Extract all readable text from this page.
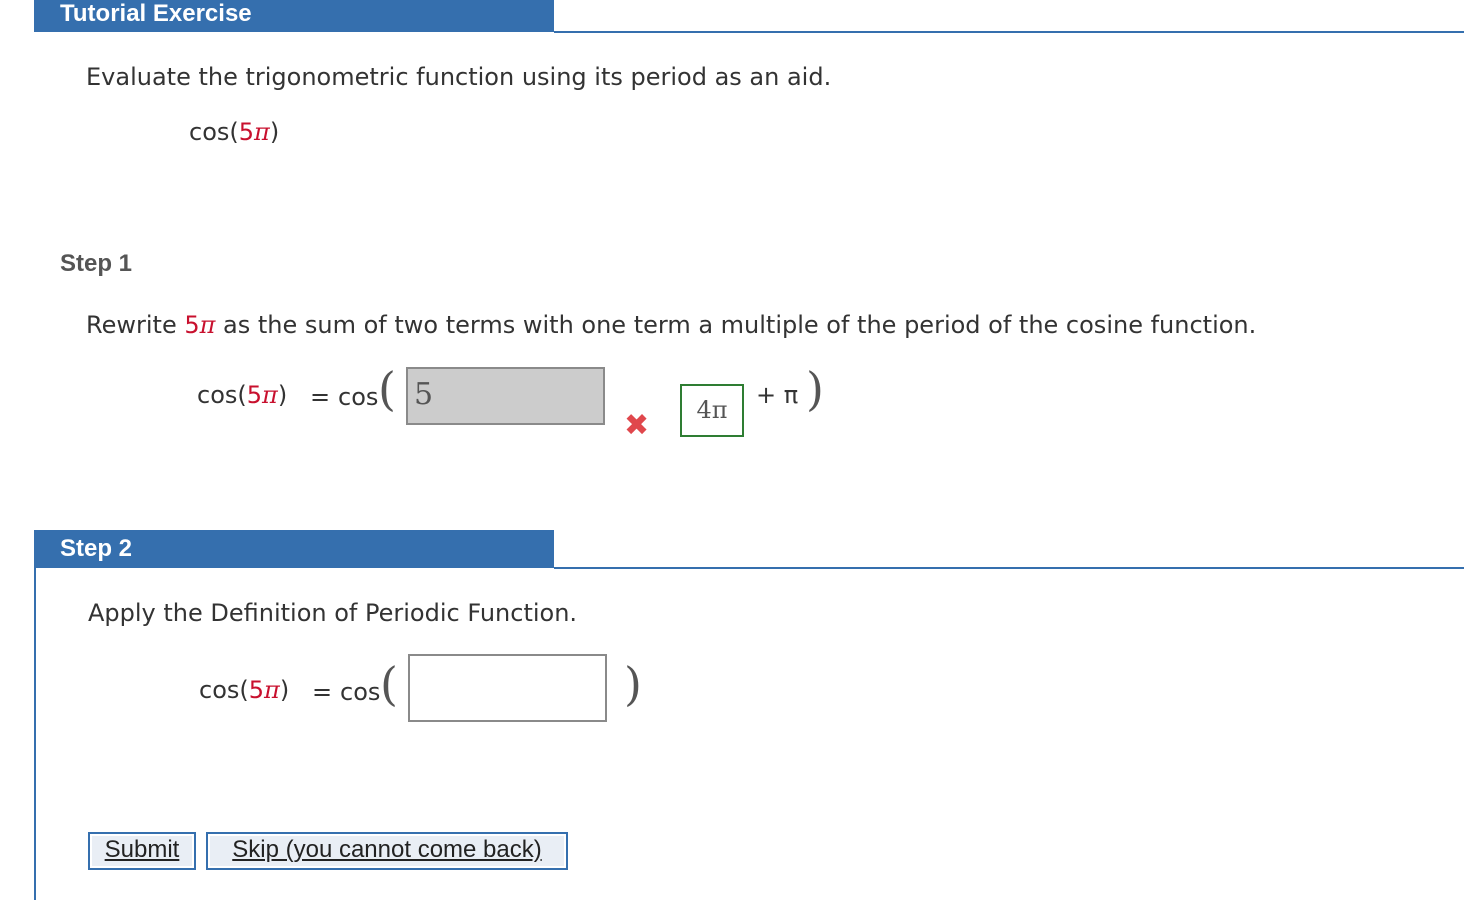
Tutorial Exercise
Evaluate the trigonometric function using its period as an aid.
cos(5π)
Step 1
Rewrite 5π as the sum of two terms with one term a multiple of the period of the cosine function.
cos(5π) = cos ( 5
✖	4π
+ π )
Step 2
Apply the Definition of Periodic Function.
cos(5π) = cos (	)
Submit	Skip (you cannot come back)
